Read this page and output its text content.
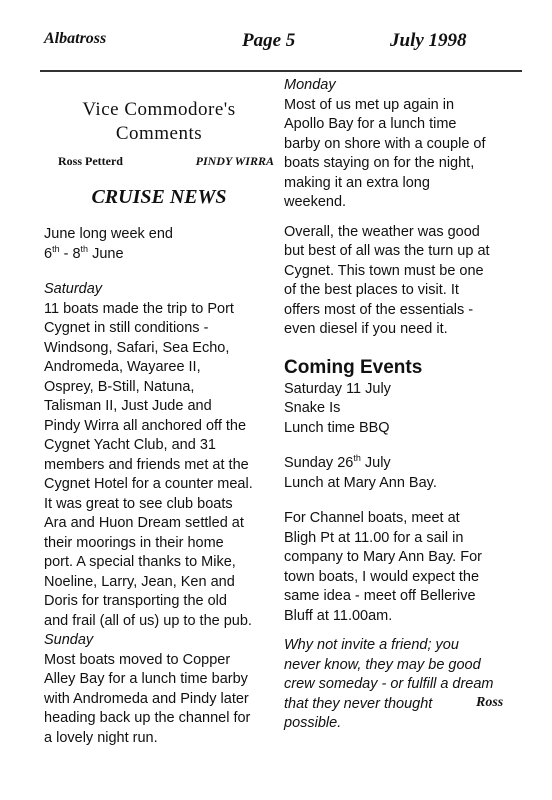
Albatross	Page 5	July 1998
Vice Commodore's
Comments
Ross Petterd	PINDY WIRRA
CRUISE NEWS

June long week end

6th - 8th June

Saturday

11 boats made the trip to Port

Cygnet in still conditions -

Windsong, Safari, Sea Echo,

Andromeda, Wayaree II,

Osprey, B-Still, Natuna,

Talisman II, Just Jude and

Pindy Wirra all anchored off the

Cygnet Yacht Club, and 31

members and friends met at the

Cygnet Hotel for a counter meal.

It was great to see club boats

Ara and Huon Dream settled at

their moorings in their home

port. A special thanks to Mike,

Noeline, Larry, Jean, Ken and

Doris for transporting the old

and frail (all of us) up to the pub.

Sunday

Most boats moved to Copper

Alley Bay for a lunch time barby

with Andromeda and Pindy later

heading back up the channel for

a lovely night run.

Monday

Most of us met up again in

Apollo Bay for a lunch time

barby on shore with a couple of

boats staying on for the night,

making it an extra long

weekend.

Overall, the weather was good

but best of all was the turn up at

Cygnet. This town must be one

of the best places to visit. It

offers most of the essentials -

even diesel if you need it.

Coming Events

Saturday 11 July

Snake Is

Lunch time BBQ

Sunday 26th July

Lunch at Mary Ann Bay.

For Channel boats, meet at

Bligh Pt at 11.00 for a sail in

company to Mary Ann Bay. For

town boats, I would expect the

same idea - meet off Bellerive

Bluff at 11.00am.

Why not invite a friend; you

never know, they may be good

crew someday - or fulfill a dream

that they never thought

possible.

Ross
